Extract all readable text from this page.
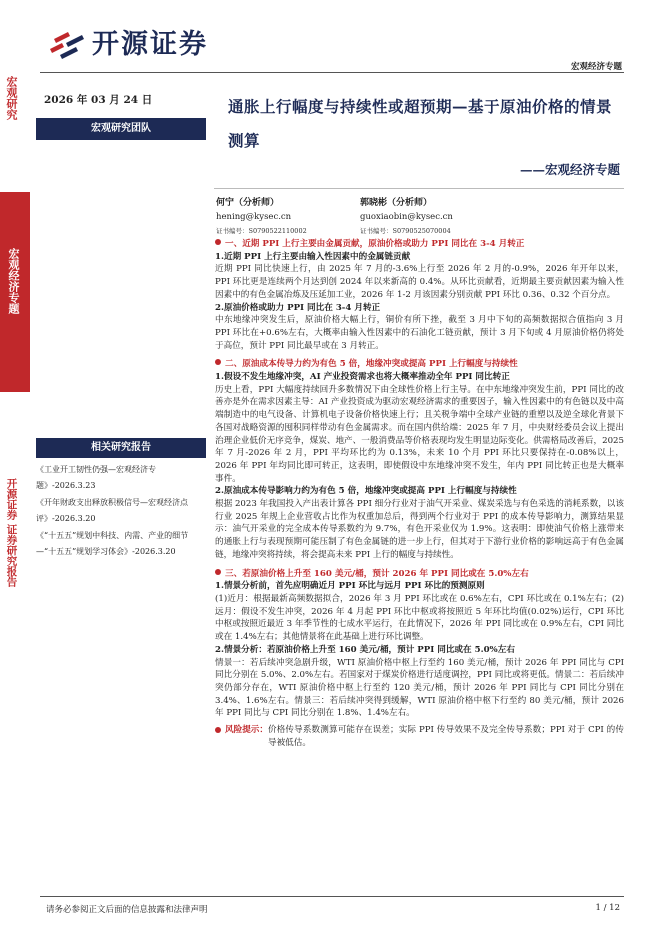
开源证券
宏观经济专题
宏观研究
宏观经济专题
开源证券 证券研究报告
2026 年 03 月 24 日
宏观研究团队
通胀上行幅度与持续性或超预期—基于原油价格的情景测算
——宏观经济专题
何宁（分析师）
hening@kysec.cn
证书编号：S0790522110002
郭晓彬（分析师）
guoxiaobin@kysec.cn
证书编号：S0790525070004
相关研究报告
《工业开工韧性仍强—宏观经济专题》-2026.3.23
《开年财政支出释放积极信号—宏观经济点评》-2026.3.20
《“十五五”规划中科技、内需、产业的细节—“十五五”规划学习体会》-2026.3.20
一、近期 PPI 上行主要由金属贡献，原油价格或助力 PPI 同比在 3-4 月转正

1.近期 PPI 上行主要由输入性因素中的金属链贡献

近期 PPI 同比快速上行，由 2025 年 7 月的-3.6%上行至 2026 年 2 月的-0.9%，2026 年开年以来，PPI 环比更是连续两个月达到创 2024 年以来新高的 0.4%。从环比贡献看，近期最主要贡献因素为输入性因素中的有色金属冶炼及压延加工业，2026 年 1-2 月该因素分别贡献 PPI 环比 0.36、0.32 个百分点。

2.原油价格或助力 PPI 同比在 3-4 月转正

中东地缘冲突发生后，原油价格大幅上行，铜价有所下挫，截至 3 月中下旬的高频数据拟合值指向 3 月 PPI 环比在+0.6%左右，大概率由输入性因素中的石油化工链贡献，预计 3 月下旬或 4 月原油价格仍将处于高位，预计 PPI 同比最早或在 3 月转正。

二、原油成本传导力约为有色 5 倍，地缘冲突或提高 PPI 上行幅度与持续性

1.假设不发生地缘冲突，AI 产业投资需求也将大概率推动全年 PPI 同比转正

历史上看，PPI 大幅度持续回升多数情况下由全球性价格上行主导。在中东地缘冲突发生前，PPI 同比的改善亦是外在需求因素主导：AI 产业投资成为驱动宏观经济需求的重要因子，输入性因素中的有色链以及中高端制造中的电气设备、计算机电子设备价格快速上行；且关税争端中全球产业链的重塑以及逆全球化背景下各国对战略资源的囤积同样带动有色金属需求。而在国内供给端：2025 年 7 月，中央财经委员会议上提出治理企业低价无序竞争，煤炭、地产、一般消费品等价格表现均发生明显边际变化。供需格局改善后，2025 年 7 月-2026 年 2 月，PPI 平均环比约为 0.13%，未来 10 个月 PPI 环比只要保持在-0.08%以上，2026 年 PPI 年均同比即可转正，这表明，即使假设中东地缘冲突不发生，年内 PPI 同比转正也是大概率事件。

2.原油成本传导影响力约为有色 5 倍，地缘冲突或提高 PPI 上行幅度与持续性

根据 2023 年我国投入产出表计算各 PPI 细分行业对于油气开采业、煤炭采选与有色采选的消耗系数，以该行业 2025 年规上企业营收占比作为权重加总后，得到两个行业对于 PPI 的成本传导影响力，测算结果显示：油气开采业的完全成本传导系数约为 9.7%，有色开采业仅为 1.9%。这表明：即使油气价格上涨带来的通胀上行与表现预期可能压制了有色金属链的进一步上行，但其对于下游行业价格的影响远高于有色金属链，地缘冲突将持续，将会提高未来 PPI 上行的幅度与持续性。

三、若原油价格上升至 160 美元/桶，预计 2026 年 PPI 同比或在 5.0%左右

1.情景分析前，首先应明确近月 PPI 环比与远月 PPI 环比的预测原则

(1)近月：根据最新高频数据拟合，2026 年 3 月 PPI 环比或在 0.6%左右，CPI 环比或在 0.1%左右；(2)远月：假设不发生冲突，2026 年 4 月起 PPI 环比中枢或将按照近 5 年环比均值(0.02%)运行，CPI 环比中枢或按照近最近 3 年季节性的七成水平运行，在此情况下，2026 年 PPI 同比或在 0.9%左右，CPI 同比或在 1.4%左右；其他情景将在此基础上进行环比调整。

2.情景分析：若原油价格上升至 160 美元/桶，预计 PPI 同比或在 5.0%左右

情景一：若后续冲突急剧升级，WTI 原油价格中枢上行至约 160 美元/桶，预计 2026 年 PPI 同比与 CPI 同比分别在 5.0%、2.0%左右。若国家对于煤炭价格进行适度调控，PPI 同比或将更低。情景二：若后续冲突仍部分存在，WTI 原油价格中枢上行至约 120 美元/桶，预计 2026 年 PPI 同比与 CPI 同比分别在 3.4%、1.6%左右。情景三：若后续冲突得到缓解，WTI 原油价格中枢下行至约 80 美元/桶，预计 2026 年 PPI 同比与 CPI 同比分别在 1.8%、1.4%左右。

风险提示： 价格传导系数测算可能存在误差；实际 PPI 传导效果不及完全传导系数；PPI 对于 CPI 的传导被低估。
请务必参阅正文后面的信息披露和法律声明	1 / 12
